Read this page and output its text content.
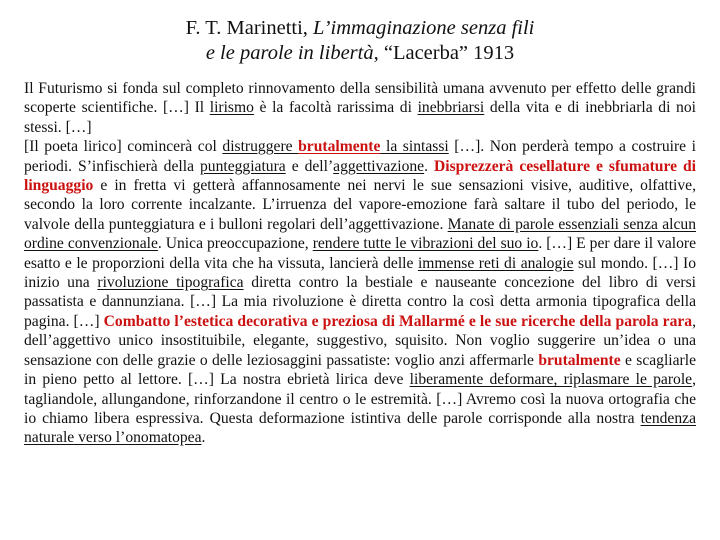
F. T. Marinetti, L’immaginazione senza fili
e le parole in libertà, “Lacerba” 1913

Il Futurismo si fonda sul completo rinnovamento della sensibilità umana avvenuto per effetto delle grandi scoperte scientifiche. […] Il lirismo è la facoltà rarissima di inebbriarsi della vita e di inebbriarla di noi stessi. […]

[Il poeta lirico] comincerà col distruggere brutalmente la sintassi […]. Non perderà tempo a costruire i periodi. S’infischierà della punteggiatura e dell’aggettivazione. Disprezzerà cesellature e sfumature di linguaggio e in fretta vi getterà affannosamente nei nervi le sue sensazioni visive, auditive, olfattive, secondo la loro corrente incalzante. L’irruenza del vapore-emozione farà saltare il tubo del periodo, le valvole della punteggiatura e i bulloni regolari dell’aggettivazione. Manate di parole essenziali senza alcun ordine convenzionale. Unica preoccupazione, rendere tutte le vibrazioni del suo io. […] E per dare il valore esatto e le proporzioni della vita che ha vissuta, lancierà delle immense reti di analogie sul mondo. […] Io inizio una rivoluzione tipografica diretta contro la bestiale e nauseante concezione del libro di versi passatista e dannunziana. […] La mia rivoluzione è diretta contro la così detta armonia tipografica della pagina. […] Combatto l’estetica decorativa e preziosa di Mallarmé e le sue ricerche della parola rara, dell’aggettivo unico insostituibile, elegante, suggestivo, squisito. Non voglio suggerire un’idea o una sensazione con delle grazie o delle leziosaggini passatiste: voglio anzi affermarle brutalmente e scagliarle in pieno petto al lettore. […] La nostra ebrietà lirica deve liberamente deformare, riplasmare le parole, tagliandole, allungandone, rinforzandone il centro o le estremità. […] Avremo così la nuova ortografia che io chiamo libera espressiva. Questa deformazione istintiva delle parole corrisponde alla nostra tendenza naturale verso l’onomatopea.
